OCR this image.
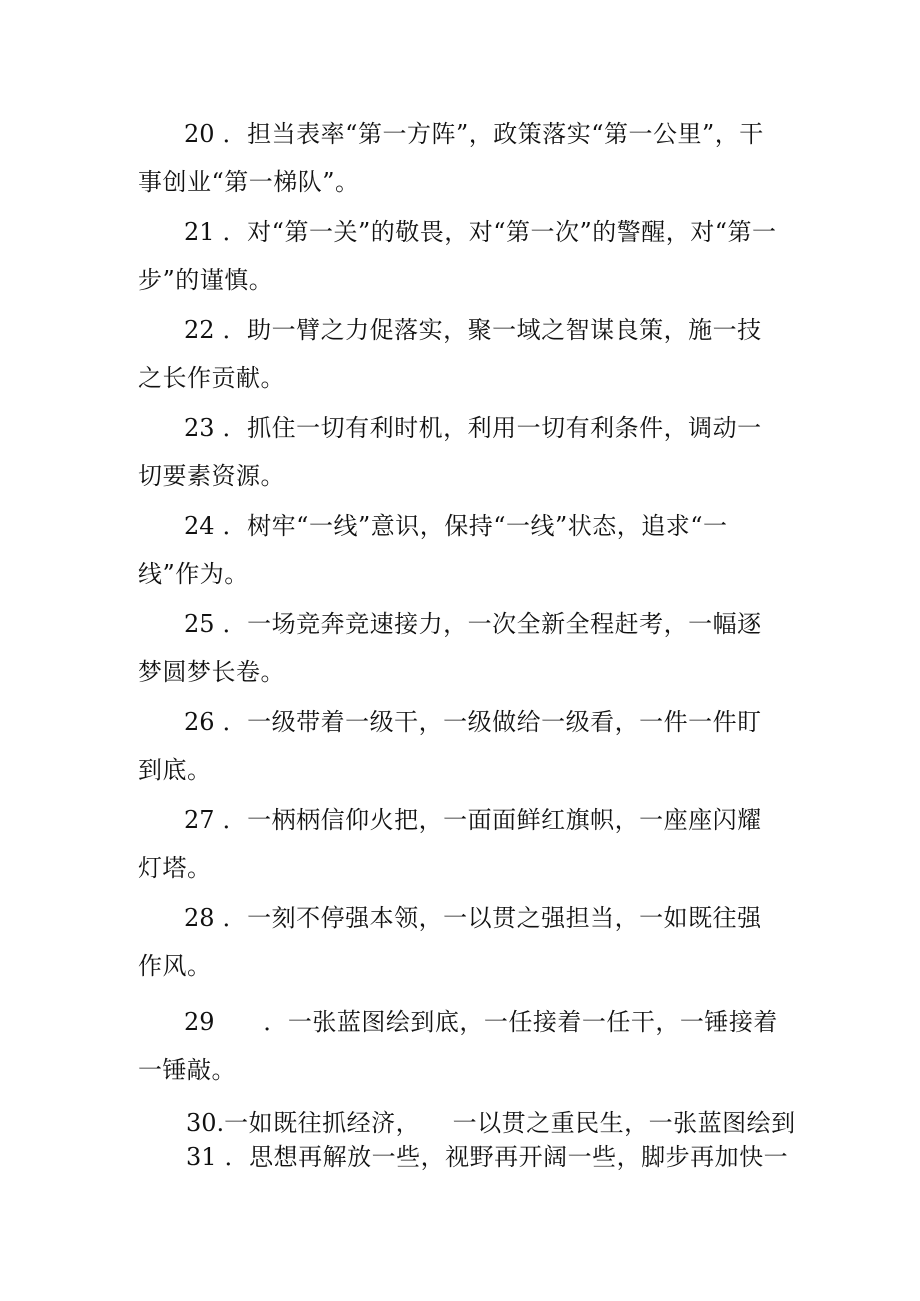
20 ．担当表率“第一方阵”，政策落实“第一公里”，干事创业“第一梯队”。

21 ．对“第一关”的敬畏，对“第一次”的警醒，对“第一步”的谨慎。

22 ．助一臂之力促落实，聚一域之智谋良策，施一技之长作贡献。

23 ．抓住一切有利时机，利用一切有利条件，调动一切要素资源。

24 ．树牢“一线”意识，保持“一线”状态，追求“一线”作为。

25 ．一场竞奔竞速接力，一次全新全程赶考，一幅逐梦圆梦长卷。

26 ．一级带着一级干，一级做给一级看，一件一件盯到底。

27 ．一柄柄信仰火把，一面面鲜红旗帜，一座座闪耀灯塔。

28 ．一刻不停强本领，一以贯之强担当，一如既往强作风。

29      ．一张蓝图绘到底，一任接着一任干，一锤接着一锤敲。

30.一如既往抓经济，    一以贯之重民生，一张蓝图绘到
31 ．思想再解放一些，视野再开阔一些，脚步再加快一
